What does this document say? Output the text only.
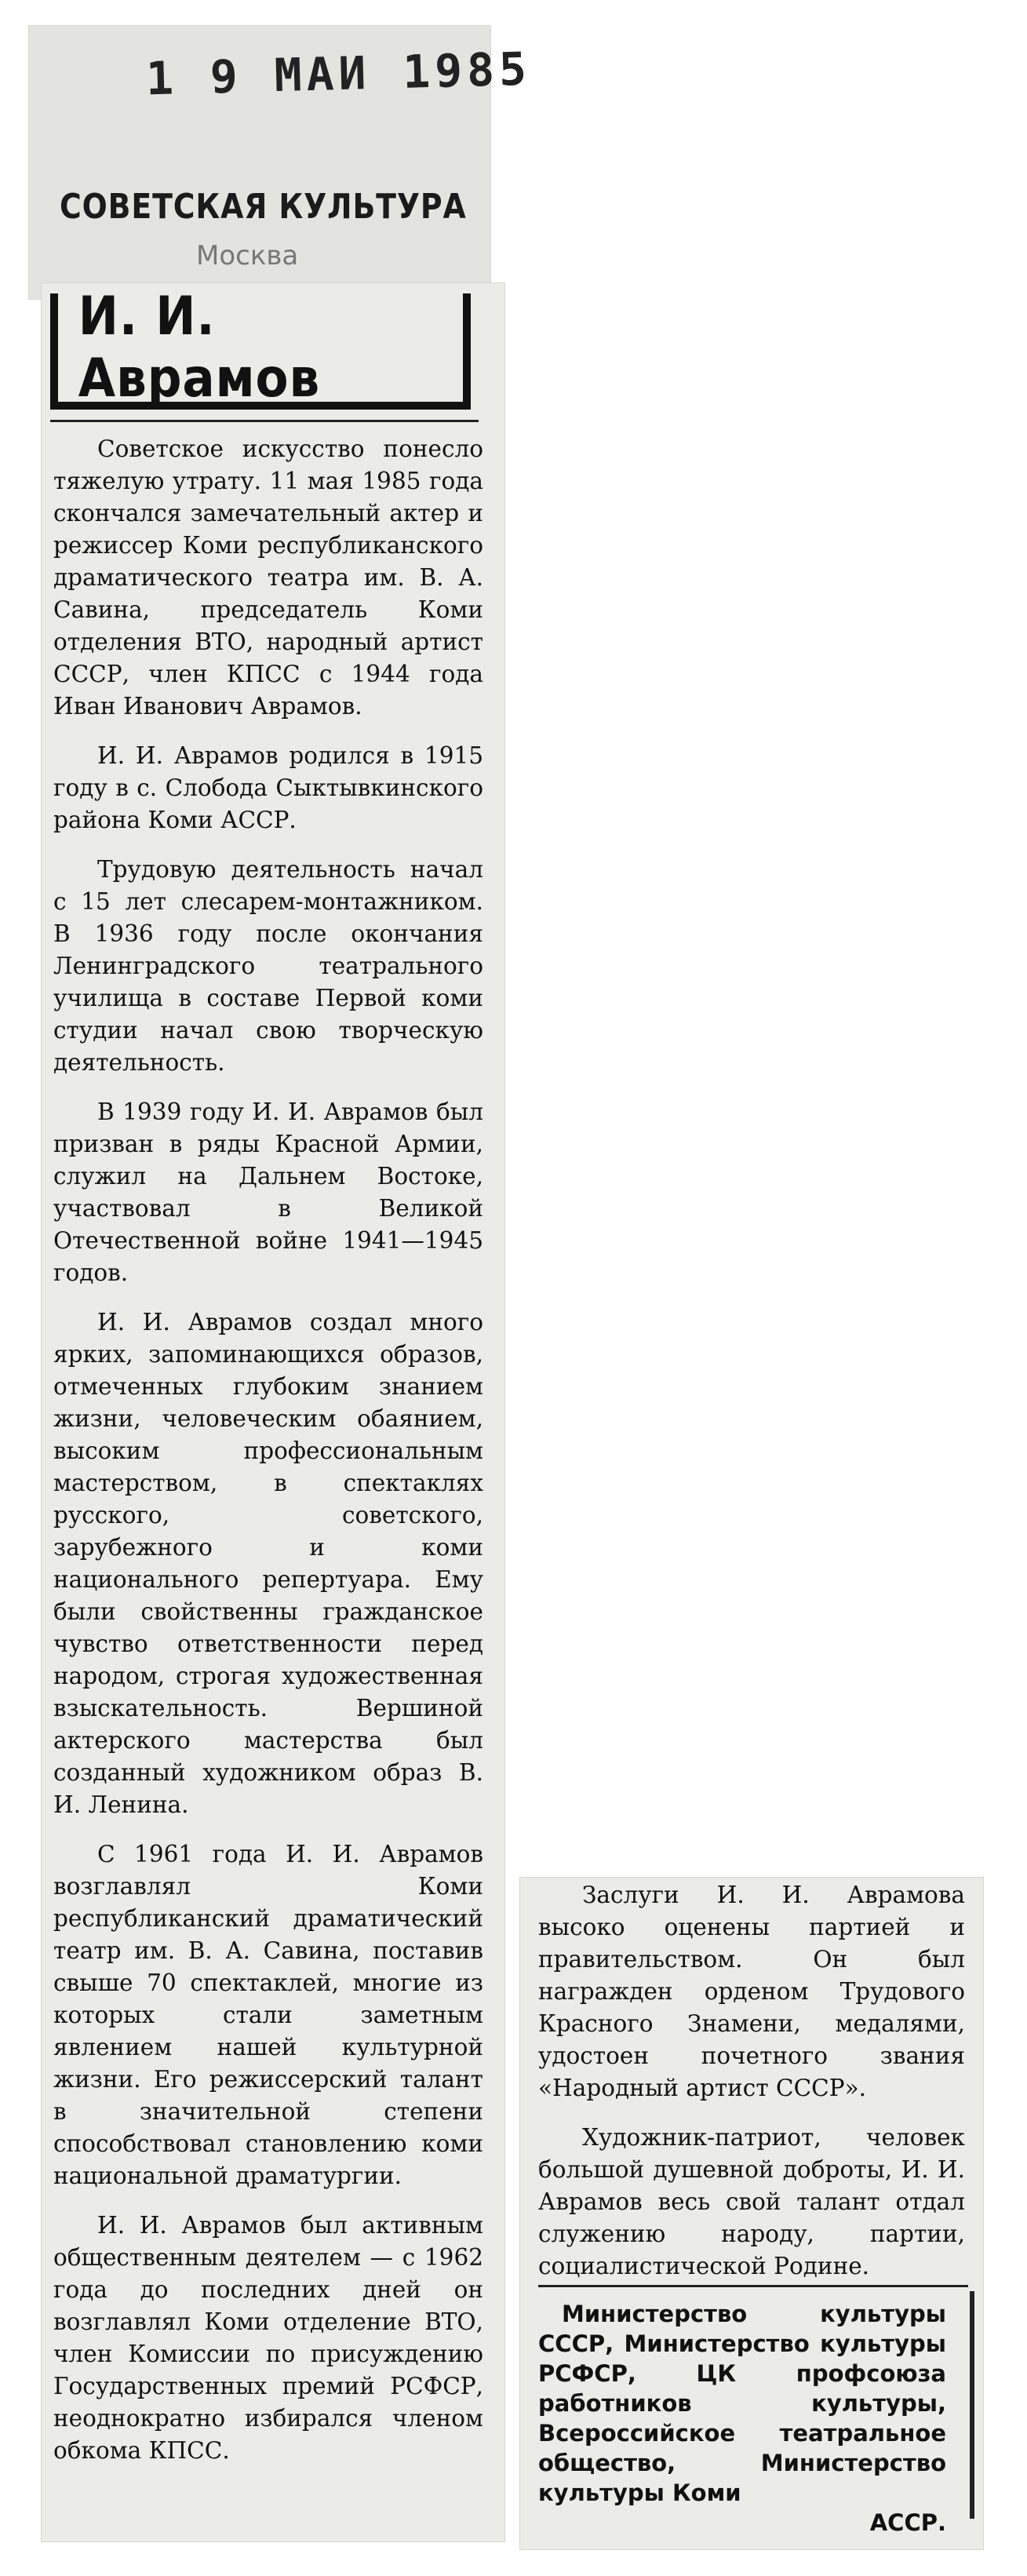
1 9 МАИ 1985
СОВЕТСКАЯ КУЛЬТУРА
Москва
И. И. Аврамов

Советское искусство понесло тяжелую утрату. 11 мая 1985 года скончался замечательный актер и режиссер Коми республиканского драматического театра им. В. А. Савина, председатель Коми отделения ВТО, народный артист СССР, член КПСС с 1944 года Иван Иванович Аврамов.

И. И. Аврамов родился в 1915 году в с. Слобода Сыктывкинского района Коми АССР.

Трудовую деятельность начал с 15 лет слесарем-монтажником. В 1936 году после окончания Ленинградского театрального училища в составе Первой коми студии начал свою творческую деятельность.

В 1939 году И. И. Аврамов был призван в ряды Красной Армии, служил на Дальнем Востоке, участвовал в Великой Отечественной войне 1941—1945 годов.

И. И. Аврамов создал много ярких, запоминающихся образов, отмеченных глубоким знанием жизни, человеческим обаянием, высоким профессиональным мастерством, в спектаклях русского, советского, зарубежного и коми национального репертуара. Ему были свойственны гражданское чувство ответственности перед народом, строгая художественная взыскательность. Вершиной актерского мастерства был созданный художником образ В. И. Ленина.

С 1961 года И. И. Аврамов возглавлял Коми республиканский драматический театр им. В. А. Савина, поставив свыше 70 спектаклей, многие из которых стали заметным явлением нашей культурной жизни. Его режиссерский талант в значительной степени способствовал становлению коми национальной драматургии.

И. И. Аврамов был активным общественным деятелем — с 1962 года до последних дней он возглавлял Коми отделение ВТО, член Комиссии по присуждению Государственных премий РСФСР, неоднократно избирался членом обкома КПСС.

Заслуги И. И. Аврамова высоко оценены партией и правительством. Он был награжден орденом Трудового Красного Знамени, медалями, удостоен почетного звания «Народный артист СССР».

Художник-патриот, человек большой душевной доброты, И. И. Аврамов весь свой талант отдал служению народу, партии, социалистической Родине.

Министерство культуры СССР, Министерство культуры РСФСР, ЦК профсоюза работников культуры, Всероссийское театральное общество, Министерство культуры Коми
АССР.
